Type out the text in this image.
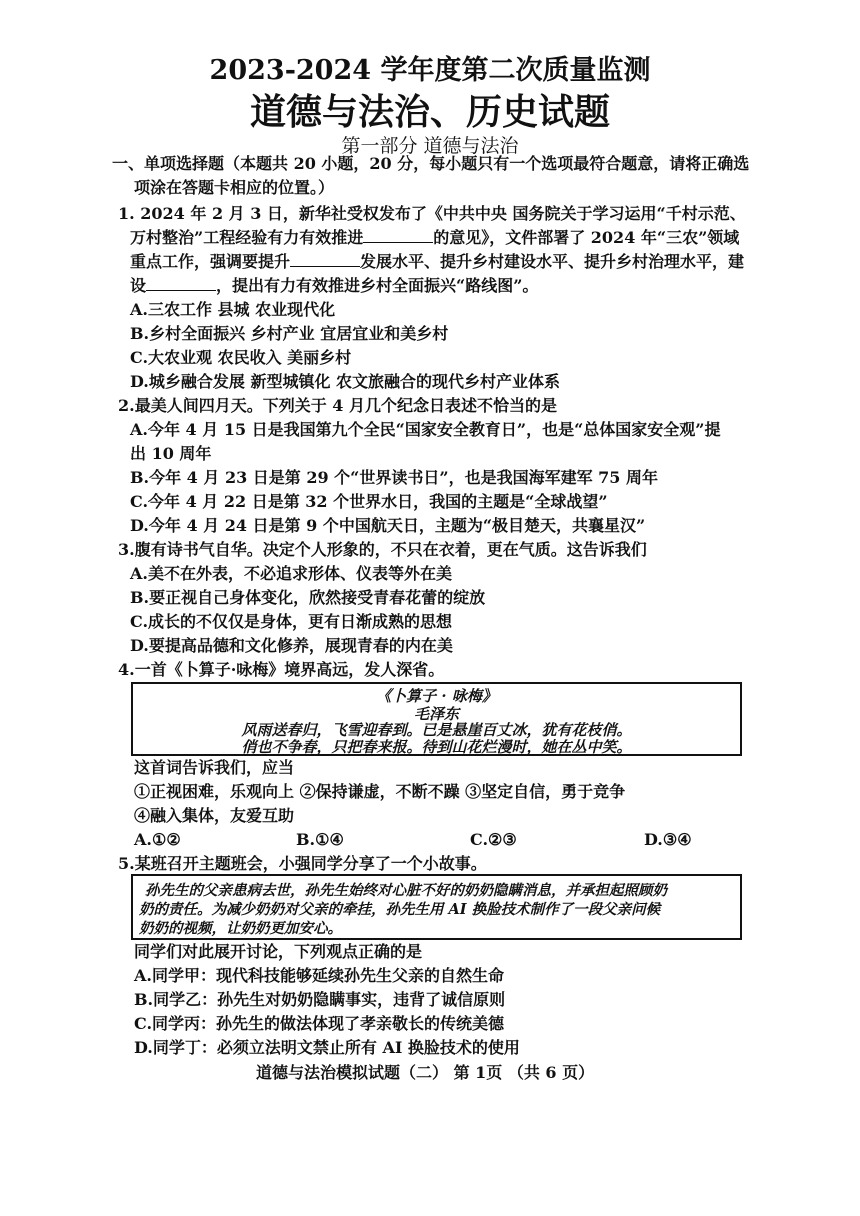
2023-2024 学年度第二次质量监测
道德与法治、历史试题
第一部分 道德与法治
一、单项选择题（本题共 20 小题，20 分，每小题只有一个选项最符合题意，请将正确选
项涂在答题卡相应的位置。）
1. 2024 年 2 月 3 日，新华社受权发布了《中共中央 国务院关于学习运用“千村示范、
万村整治”工程经验有力有效推进	的意见》，文件部署了 2024 年“三农”领域
重点工作，强调要提升	发展水平、提升乡村建设水平、提升乡村治理水平，建
设	，提出有力有效推进乡村全面振兴“路线图”。
A.三农工作 县城 农业现代化
B.乡村全面振兴 乡村产业 宜居宜业和美乡村
C.大农业观 农民收入 美丽乡村
D.城乡融合发展 新型城镇化 农文旅融合的现代乡村产业体系
2.最美人间四月天。下列关于 4 月几个纪念日表述不恰当的是
A.今年 4 月 15 日是我国第九个全民“国家安全教育日”，也是“总体国家安全观”提
出 10 周年
B.今年 4 月 23 日是第 29 个“世界读书日”，也是我国海军建军 75 周年
C.今年 4 月 22 日是第 32 个世界水日，我国的主题是“全球战望”
D.今年 4 月 24 日是第 9 个中国航天日，主题为“极目楚天，共襄星汉”
3.腹有诗书气自华。决定个人形象的，不只在衣着，更在气质。这告诉我们
A.美不在外表，不必追求形体、仪表等外在美
B.要正视自己身体变化，欣然接受青春花蕾的绽放
C.成长的不仅仅是身体，更有日渐成熟的思想
D.要提高品德和文化修养，展现青春的内在美
4.一首《卜算子·咏梅》境界高远，发人深省。
《卜算子 · 咏梅》
毛泽东
风雨送春归，飞雪迎春到。已是悬崖百丈冰，犹有花枝俏。
俏也不争春，只把春来报。待到山花烂漫时，她在丛中笑。
这首词告诉我们，应当
①正视困难，乐观向上 ②保持谦虚，不断不躁 ③坚定自信，勇于竞争
④融入集体，友爱互助
A.①②	B.①④	C.②③	D.③④
5.某班召开主题班会，小强同学分享了一个小故事。
孙先生的父亲患病去世，孙先生始终对心脏不好的奶奶隐瞒消息，并承担起照顾奶
奶的责任。为减少奶奶对父亲的牵挂，孙先生用 AI 换脸技术制作了一段父亲问候
奶奶的视频，让奶奶更加安心。
同学们对此展开讨论，下列观点正确的是
A.同学甲：现代科技能够延续孙先生父亲的自然生命
B.同学乙：孙先生对奶奶隐瞒事实，违背了诚信原则
C.同学丙：孙先生的做法体现了孝亲敬长的传统美德
D.同学丁：必须立法明文禁止所有 AI 换脸技术的使用
道德与法治模拟试题（二） 第 1页 （共 6 页）
